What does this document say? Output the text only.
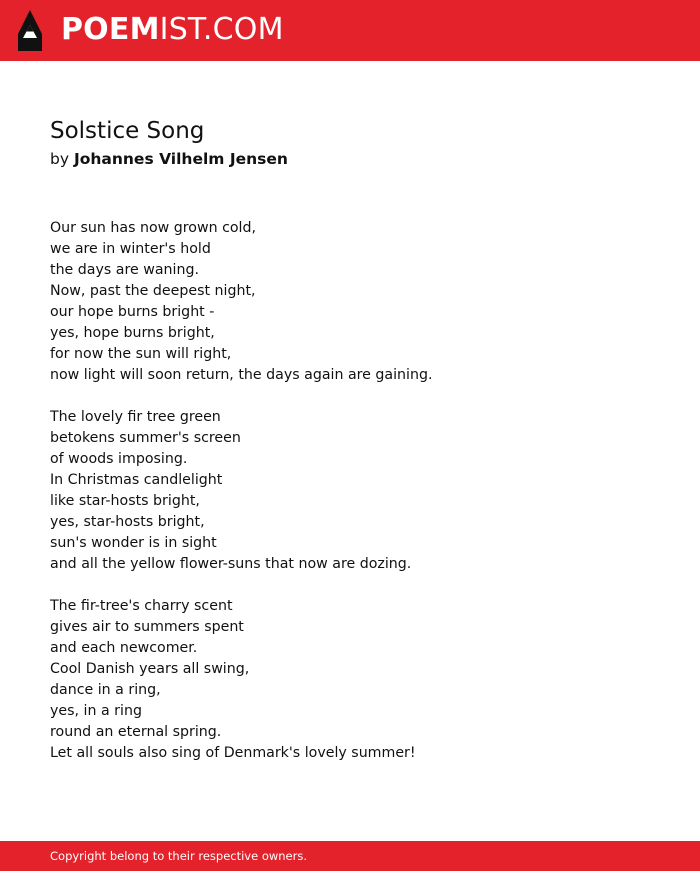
POEMIST.COM
Solstice Song
by Johannes Vilhelm Jensen
Our sun has now grown cold,
we are in winter's hold
the days are waning.
Now, past the deepest night,
our hope burns bright -
yes, hope burns bright,
for now the sun will right,
now light will soon return, the days again are gaining.
The lovely fir tree green
betokens summer's screen
of woods imposing.
In Christmas candlelight
like star-hosts bright,
yes, star-hosts bright,
sun's wonder is in sight
and all the yellow flower-suns that now are dozing.
The fir-tree's charry scent
gives air to summers spent
and each newcomer.
Cool Danish years all swing,
dance in a ring,
yes, in a ring
round an eternal spring.
Let all souls also sing of Denmark's lovely summer!
Copyright belong to their respective owners.
